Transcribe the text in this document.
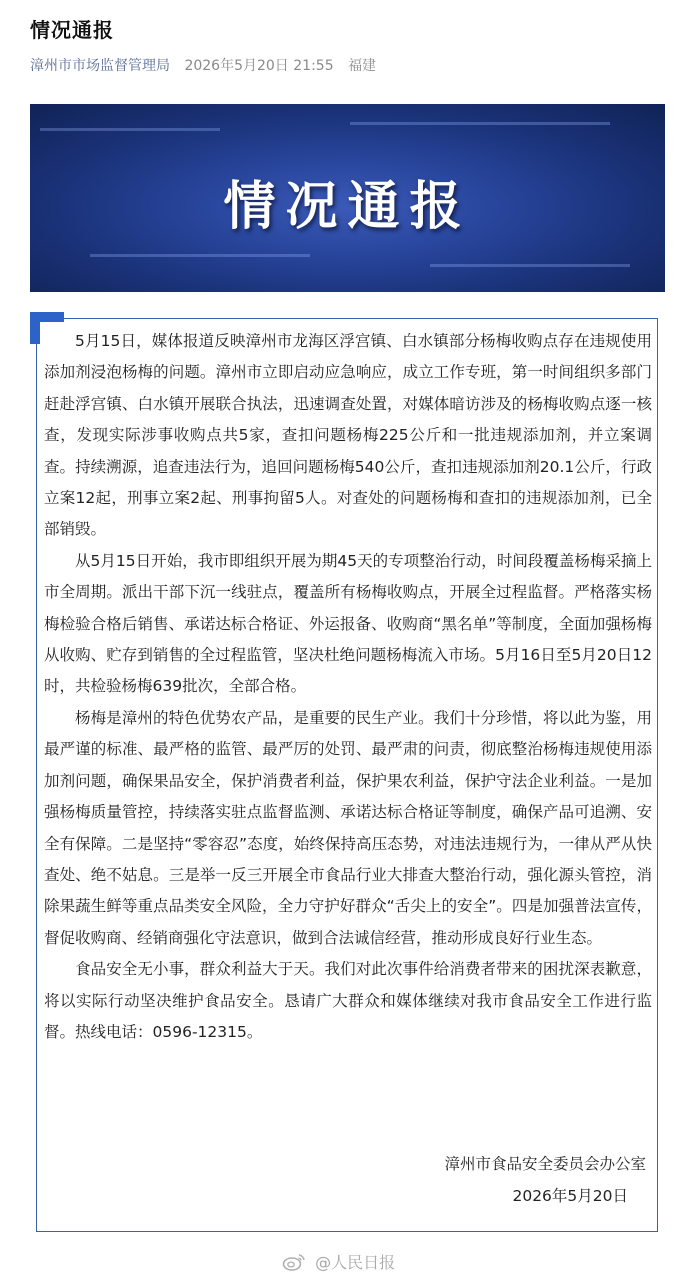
情况通报
漳州市市场监督管理局 2026年5月20日 21:55 福建
情况通报

5月15日，媒体报道反映漳州市龙海区浮宫镇、白水镇部分杨梅收购点存在违规使用添加剂浸泡杨梅的问题。漳州市立即启动应急响应，成立工作专班，第一时间组织多部门赶赴浮宫镇、白水镇开展联合执法，迅速调查处置，对媒体暗访涉及的杨梅收购点逐一核查，发现实际涉事收购点共5家，查扣问题杨梅225公斤和一批违规添加剂，并立案调查。持续溯源，追查违法行为，追回问题杨梅540公斤，查扣违规添加剂20.1公斤，行政立案12起，刑事立案2起、刑事拘留5人。对查处的问题杨梅和查扣的违规添加剂，已全部销毁。

从5月15日开始，我市即组织开展为期45天的专项整治行动，时间段覆盖杨梅采摘上市全周期。派出干部下沉一线驻点，覆盖所有杨梅收购点，开展全过程监督。严格落实杨梅检验合格后销售、承诺达标合格证、外运报备、收购商“黑名单”等制度，全面加强杨梅从收购、贮存到销售的全过程监管，坚决杜绝问题杨梅流入市场。5月16日至5月20日12时，共检验杨梅639批次，全部合格。

杨梅是漳州的特色优势农产品，是重要的民生产业。我们十分珍惜，将以此为鉴，用最严谨的标准、最严格的监管、最严厉的处罚、最严肃的问责，彻底整治杨梅违规使用添加剂问题，确保果品安全，保护消费者利益，保护果农利益，保护守法企业利益。一是加强杨梅质量管控，持续落实驻点监督监测、承诺达标合格证等制度，确保产品可追溯、安全有保障。二是坚持“零容忍”态度，始终保持高压态势，对违法违规行为，一律从严从快查处、绝不姑息。三是举一反三开展全市食品行业大排查大整治行动，强化源头管控，消除果蔬生鲜等重点品类安全风险，全力守护好群众“舌尖上的安全”。四是加强普法宣传，督促收购商、经销商强化守法意识，做到合法诚信经营，推动形成良好行业生态。

食品安全无小事，群众利益大于天。我们对此次事件给消费者带来的困扰深表歉意，将以实际行动坚决维护食品安全。恳请广大群众和媒体继续对我市食品安全工作进行监督。热线电话：0596-12315。

漳州市食品安全委员会办公室
2026年5月20日
@人民日报
